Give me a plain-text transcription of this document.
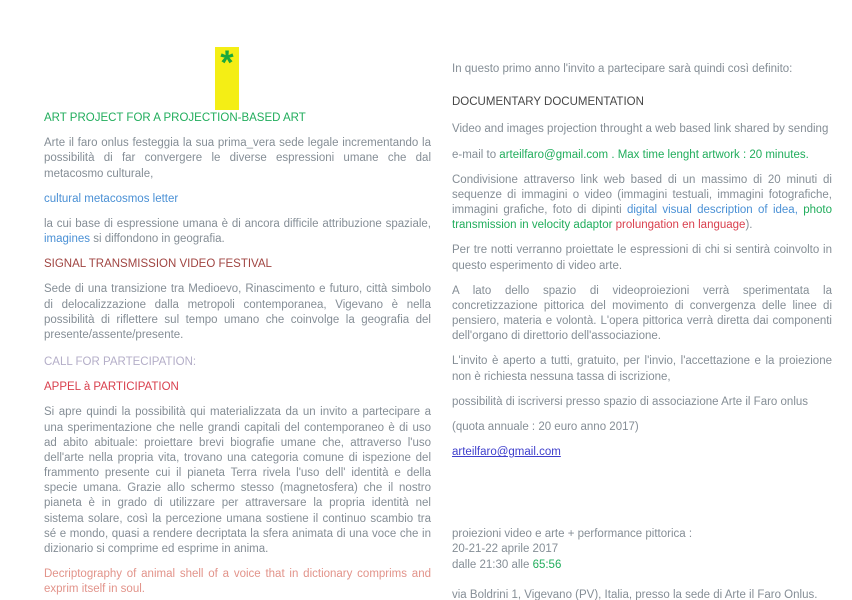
*

ART PROJECT FOR A PROJECTION-BASED ART

Arte il faro onlus festeggia la sua prima_vera sede legale incrementando la possibilità di far convergere le diverse espressioni umane che dal metacosmo culturale,

cultural metacosmos letter

la cui base di espressione umana è di ancora difficile attribuzione spaziale, imagines si diffondono in geografia.

SIGNAL TRANSMISSION VIDEO FESTIVAL

Sede di una transizione tra Medioevo, Rinascimento e futuro, città simbolo di delocalizzazione dalla metropoli contemporanea, Vigevano è nella possibilità di riflettere sul tempo umano che coinvolge la geografia del presente/assente/presente.

CALL FOR PARTECIPATION:

APPEL à PARTICIPATION

Si apre quindi la possibilità qui materializzata da un invito a partecipare a una sperimentazione che nelle grandi capitali del contemporaneo è di uso ad abito abituale: proiettare brevi biografie umane che, attraverso l'uso dell'arte nella propria vita, trovano una categoria comune di ispezione del frammento presente cui il pianeta Terra rivela l'uso dell' identità e della specie umana. Grazie allo schermo stesso (magnetosfera) che il nostro pianeta è in grado di utilizzare per attraversare la propria identità nel sistema solare, così la percezione umana sostiene il continuo scambio tra sé e mondo, quasi a rendere decriptata la sfera animata di una voce che in dizionario si comprime ed esprime in anima.

Decriptography of animal shell of a voice that in dictionary comprims and exprim itself in soul.

In questo primo anno l'invito a partecipare sarà quindi così definito:

DOCUMENTARY DOCUMENTATION

Video and images projection throught a web based link shared by sending

e-mail to arteilfaro@gmail.com . Max time lenght artwork : 20 minutes.

Condivisione attraverso link web based di un massimo di 20 minuti di sequenze di immagini o video (immagini testuali, immagini fotografiche, immagini grafiche, foto di dipinti digital visual description of idea, photo transmission in velocity adaptor prolungation en language).

Per tre notti verranno proiettate le espressioni di chi si sentirà coinvolto in questo esperimento di video arte.

A lato dello spazio di videoproiezioni verrà sperimentata la concretizzazione pittorica del movimento di convergenza delle linee di pensiero, materia e volontà. L'opera pittorica verrà diretta dai componenti dell'organo di direttorio dell'associazione.

L'invito è aperto a tutti, gratuito, per l'invio, l'accettazione e la proiezione non è richiesta nessuna tassa di iscrizione,

possibilità di iscriversi presso spazio di associazione Arte il Faro onlus

(quota annuale : 20 euro anno 2017)

arteilfaro@gmail.com

proiezioni video e arte + performance pittorica :

20-21-22 aprile 2017

dalle 21:30 alle 65:56

via Boldrini 1, Vigevano (PV), Italia, presso la sede di Arte il Faro Onlus.
